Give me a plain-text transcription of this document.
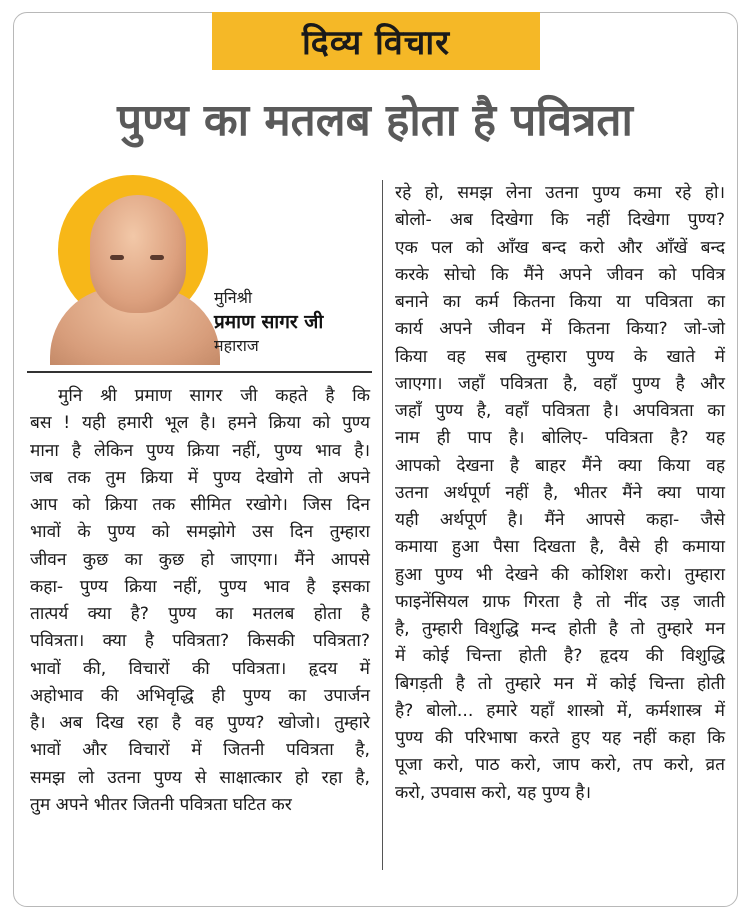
दिव्य विचार
पुण्य का मतलब होता है पवित्रता
मुनिश्री
प्रमाण सागर जी
महाराज

मुनि श्री प्रमाण सागर जी कहते है कि

बस ! यही हमारी भूल है। हमने क्रिया को पुण्य

माना है लेकिन पुण्य क्रिया नहीं, पुण्य भाव है।

जब तक तुम क्रिया में पुण्य देखोगे तो अपने

आप को क्रिया तक सीमित रखोगे। जिस दिन

भावों के पुण्य को समझोगे उस दिन तुम्हारा

जीवन कुछ का कुछ हो जाएगा। मैंने आपसे

कहा- पुण्य क्रिया नहीं, पुण्य भाव है इसका

तात्पर्य क्या है? पुण्य का मतलब होता है

पवित्रता। क्या है पवित्रता? किसकी पवित्रता?

भावों की, विचारों की पवित्रता। हृदय में

अहोभाव की अभिवृद्धि ही पुण्य का उपार्जन

है। अब दिख रहा है वह पुण्य? खोजो। तुम्हारे

भावों और विचारों में जितनी पवित्रता है,

समझ लो उतना पुण्य से साक्षात्कार हो रहा है,

तुम अपने भीतर जितनी पवित्रता घटित कर

रहे हो, समझ लेना उतना पुण्य कमा रहे हो।

बोलो- अब दिखेगा कि नहीं दिखेगा पुण्य?

एक पल को आँख बन्द करो और आँखें बन्द

करके सोचो कि मैंने अपने जीवन को पवित्र

बनाने का कर्म कितना किया या पवित्रता का

कार्य अपने जीवन में कितना किया? जो-जो

किया वह सब तुम्हारा पुण्य के खाते में

जाएगा। जहाँ पवित्रता है, वहाँ पुण्य है और

जहाँ पुण्य है, वहाँ पवित्रता है। अपवित्रता का

नाम ही पाप है। बोलिए- पवित्रता है? यह

आपको देखना है बाहर मैंने क्या किया वह

उतना अर्थपूर्ण नहीं है, भीतर मैंने क्या पाया

यही अर्थपूर्ण है। मैंने आपसे कहा- जैसे

कमाया हुआ पैसा दिखता है, वैसे ही कमाया

हुआ पुण्य भी देखने की कोशिश करो। तुम्हारा

फाइनेंसियल ग्राफ गिरता है तो नींद उड़ जाती

है, तुम्हारी विशुद्धि मन्द होती है तो तुम्हारे मन

में कोई चिन्ता होती है? हृदय की विशुद्धि

बिगड़ती है तो तुम्हारे मन में कोई चिन्ता होती

है? बोलो... हमारे यहाँ शास्त्रो में, कर्मशास्त्र में

पुण्य की परिभाषा करते हुए यह नहीं कहा कि

पूजा करो, पाठ करो, जाप करो, तप करो, व्रत

करो, उपवास करो, यह पुण्य है।
